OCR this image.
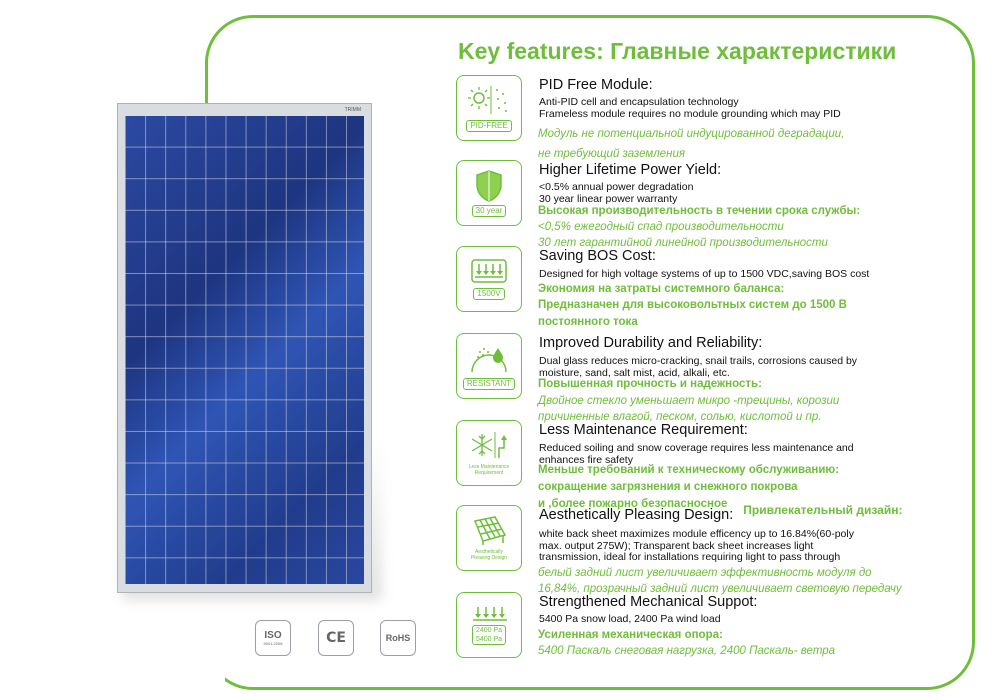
Key features: Главные характеристики
TRIMM
PID-FREE
PID Free Module:
Anti-PID cell and encapsulation technology
Frameless module requires no module grounding which may PID
Модуль не потенциальной индуцированной деградации,
не требующий заземления
30 year
Higher Lifetime Power Yield:
<0.5% annual power degradation
30 year linear power warranty
Высокая производительность в течении срока службы:
<0,5% ежегодный спад производительности
30 лет гарантийной линейной производительности
1500V
Saving BOS Cost:
Designed for high voltage systems of up to 1500 VDC,saving BOS cost
Экономия на затраты системного баланса:
Предназначен для высоковольтных систем до 1500 В
постоянного тока
RESISTANT
Improved Durability and Reliability:
Dual glass reduces micro-cracking, snail trails, corrosions caused by
moisture, sand, salt mist, acid, alkali, etc.
Повышенная прочность и надежность:
Двойное стекло уменьшает микро -трещины, корозии
причиненные влагой, песком, солью, кислотой и пр.
Less Maintenance
Requirement
Less Maintenance Requirement:
Reduced soiling and snow coverage requires less maintenance and
enhances fire safety
Меньше требований к техническому обслуживанию:
сокращение загрязнения и снежного покрова
и ,более пожарно безопасносное
Aesthetically
Pleasing Design
Aesthetically Pleasing Design: $^{Привлекательный дизайн:}$
white back sheet maximizes module efficency up to 16.84%(60-poly
max. output 275W); Transparent back sheet increases light
transmission, ideal for installations requiring light to pass through
белый задний лист увеличивает эффективность модуля до
16,84%, прозрачный задний лист увеличивает световую передачу
2400 Pa
5400 Pa
Strengthened Mechanical Suppot:
5400 Pa snow load, 2400 Pa wind load
Усиленная механическая опора:
5400 Паскаль снеговая нагрузка, 2400 Паскаль- ветра
ISO
9001:2008	CE	RoHS
